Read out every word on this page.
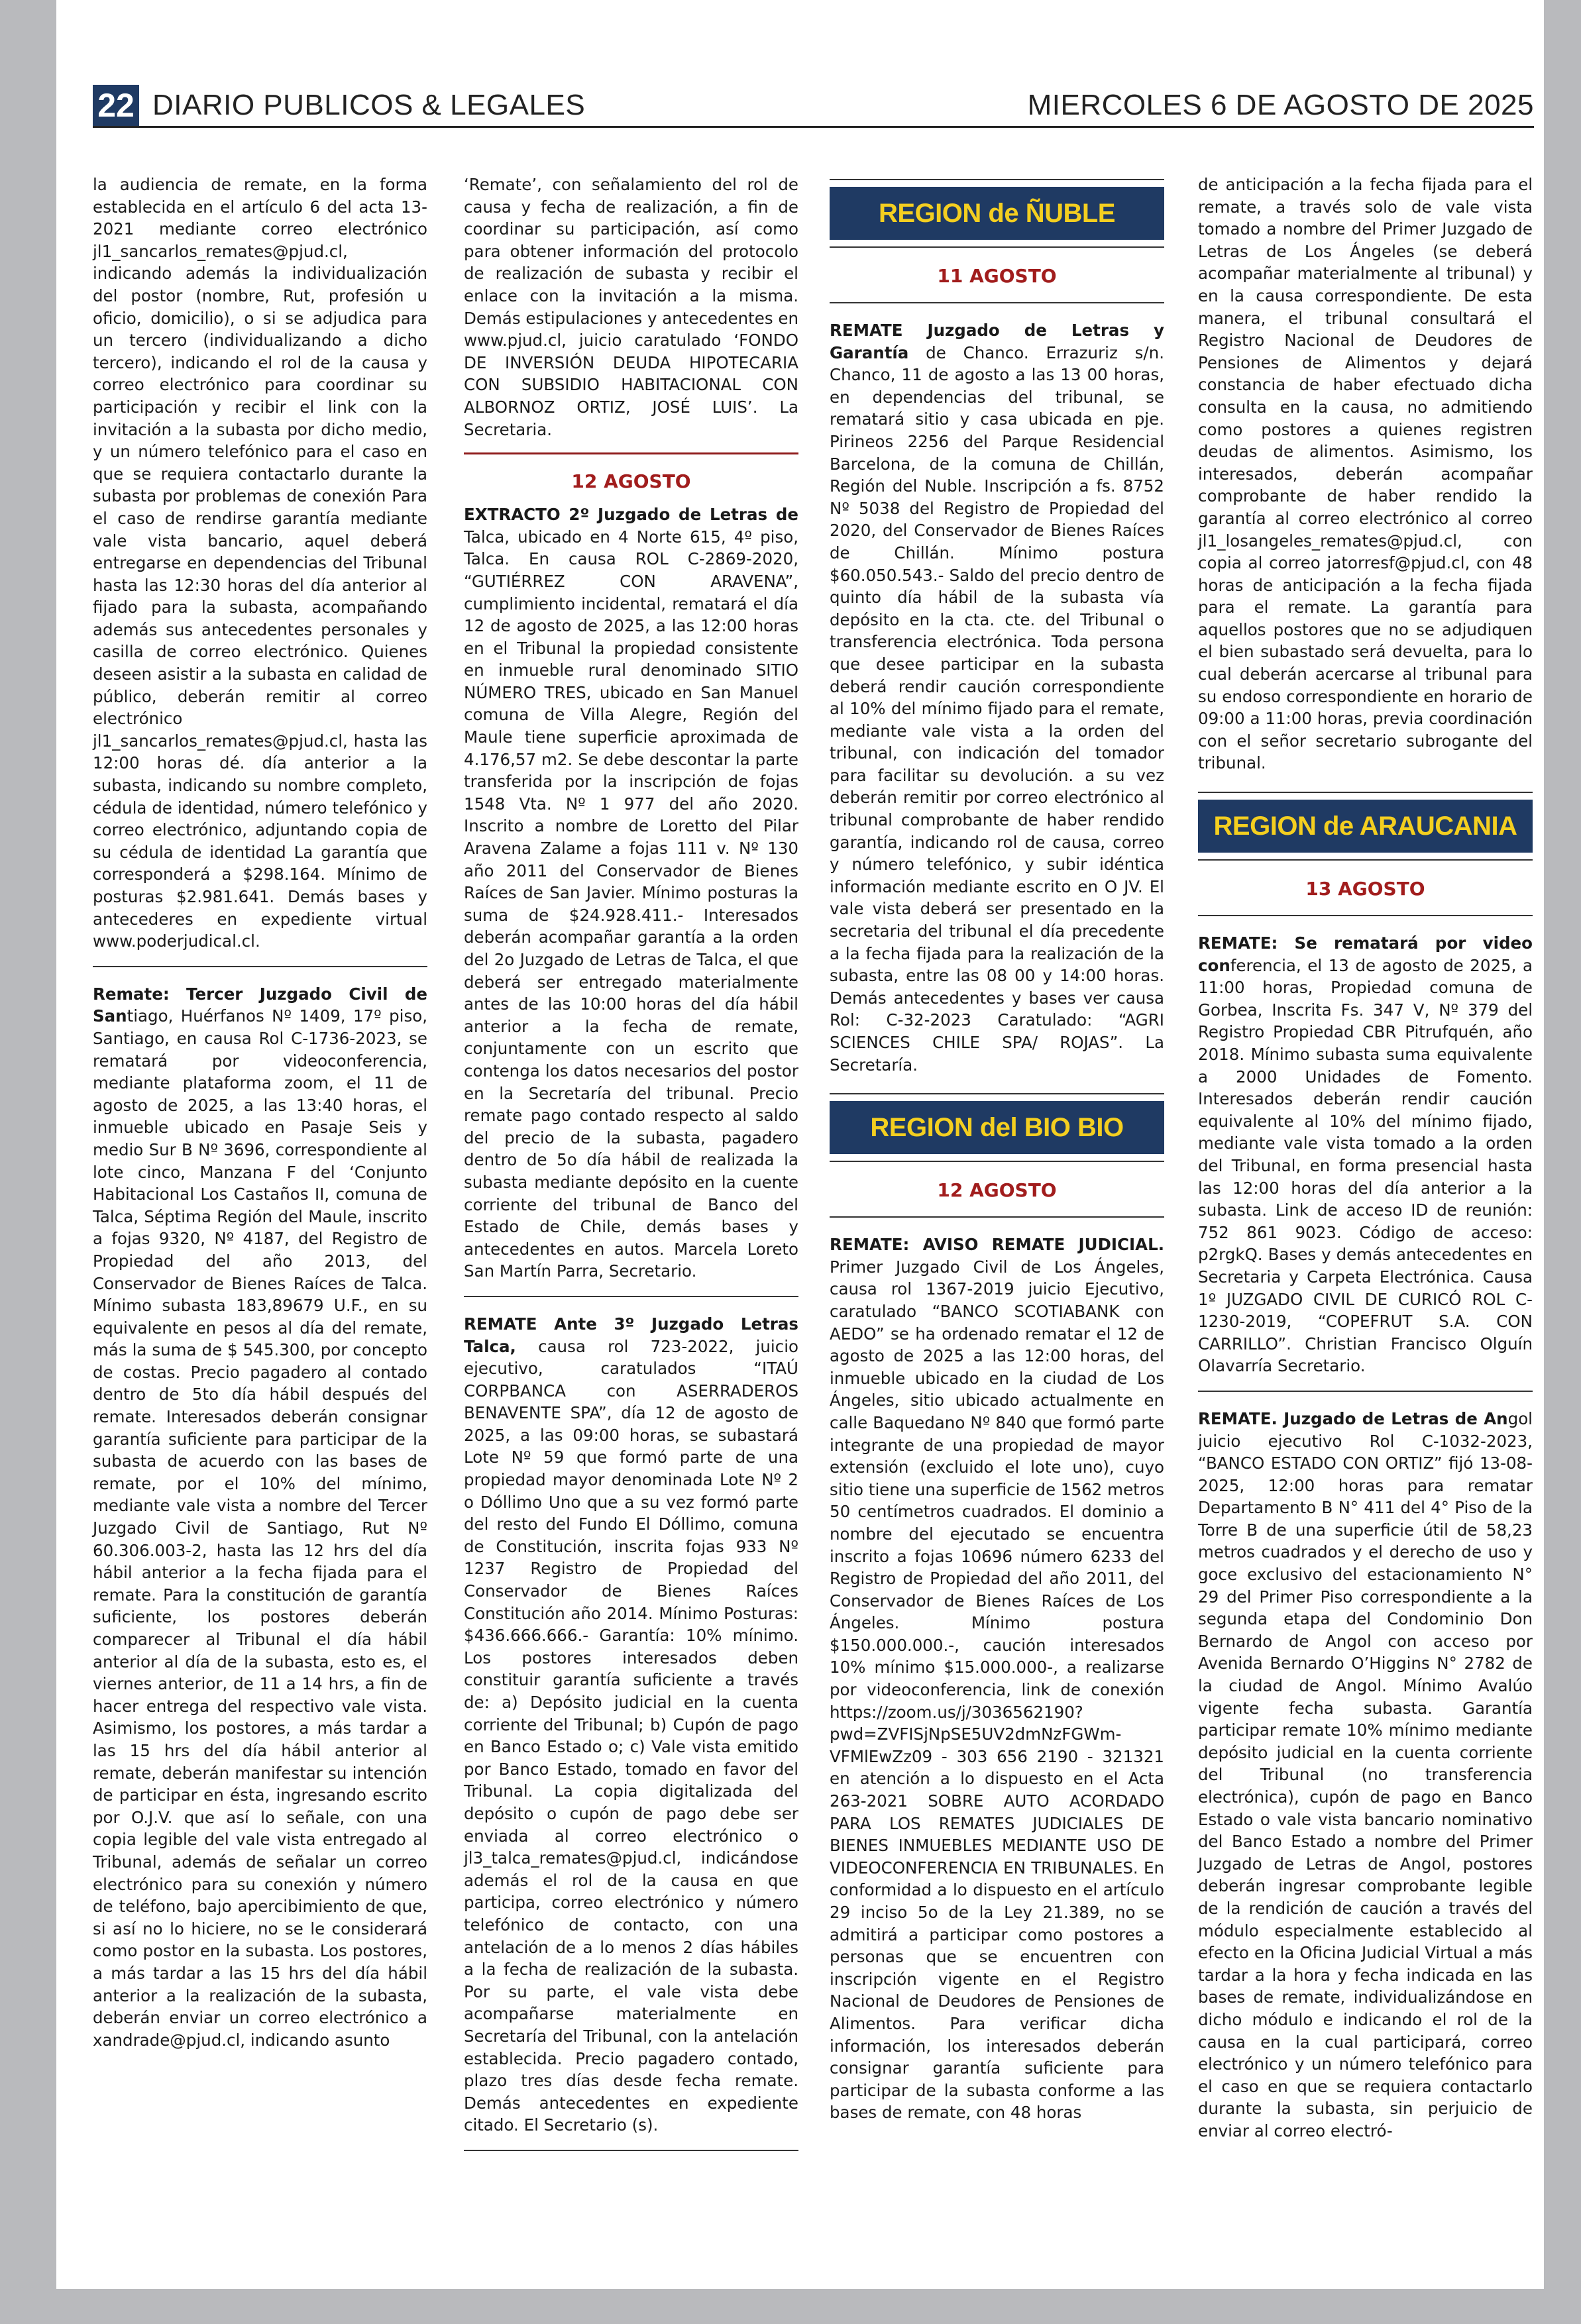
22 DIARIO PUBLICOS & LEGALES	MIERCOLES 6 DE AGOSTO DE 2025

la audiencia de remate, en la forma establecida en el artículo 6 del acta 13-2021 mediante correo electrónico jl1_sancarlos_remates@pjud.cl, indicando además la individualización del postor (nombre, Rut, profesión u oficio, domicilio), o si se adjudica para un tercero (individualizando a dicho tercero), indicando el rol de la causa y correo electrónico para coordinar su participación y recibir el link con la invitación a la subasta por dicho medio, y un número telefónico para el caso en que se requiera contactarlo durante la subasta por problemas de conexión Para el caso de rendirse garantía mediante vale vista bancario, aquel deberá entregarse en dependencias del Tribunal hasta las 12:30 horas del día anterior al fijado para la subasta, acompañando además sus antecedentes personales y casilla de correo electrónico. Quienes deseen asistir a la subasta en calidad de público, deberán remitir al correo electrónico jl1_sancarlos_remates@pjud.cl, hasta las 12:00 horas dé. día anterior a la subasta, indicando su nombre completo, cédula de identidad, número telefónico y correo electrónico, adjuntando copia de su cédula de identidad La garantía que corresponderá a $298.164. Mínimo de posturas $2.981.641. Demás bases y antecederes en expediente virtual www.poderjudical.cl.

Remate: Tercer Juzgado Civil de Santiago, Huérfanos Nº 1409, 17º piso, Santiago, en causa Rol C-1736-2023, se rematará por videoconferencia, mediante plataforma zoom, el 11 de agosto de 2025, a las 13:40 horas, el inmueble ubicado en Pasaje Seis y medio Sur B Nº 3696, correspondiente al lote cinco, Manzana F del ‘Conjunto Habitacional Los Castaños II, comuna de Talca, Séptima Región del Maule, inscrito a fojas 9320, Nº 4187, del Registro de Propiedad del año 2013, del Conservador de Bienes Raíces de Talca. Mínimo subasta 183,89679 U.F., en su equivalente en pesos al día del remate, más la suma de $ 545.300, por concepto de costas. Precio pagadero al contado dentro de 5to día hábil después del remate. Interesados deberán consignar garantía suficiente para participar de la subasta de acuerdo con las bases de remate, por el 10% del mínimo, mediante vale vista a nombre del Tercer Juzgado Civil de Santiago, Rut Nº 60.306.003-2, hasta las 12 hrs del día hábil anterior a la fecha fijada para el remate. Para la constitución de garantía suficiente, los postores deberán comparecer al Tribunal el día hábil anterior al día de la subasta, esto es, el viernes anterior, de 11 a 14 hrs, a fin de hacer entrega del respectivo vale vista. Asimismo, los postores, a más tardar a las 15 hrs del día hábil anterior al remate, deberán manifestar su intención de participar en ésta, ingresando escrito por O.J.V. que así lo señale, con una copia legible del vale vista entregado al Tribunal, además de señalar un correo electrónico para su conexión y número de teléfono, bajo apercibimiento de que, si así no lo hiciere, no se le considerará como postor en la subasta. Los postores, a más tardar a las 15 hrs del día hábil anterior a la realización de la subasta, deberán enviar un correo electrónico a xandrade@pjud.cl, indicando asunto

‘Remate’, con señalamiento del rol de causa y fecha de realización, a fin de coordinar su participación, así como para obtener información del protocolo de realización de subasta y recibir el enlace con la invitación a la misma. Demás estipulaciones y antecedentes en www.pjud.cl, juicio caratulado ‘FONDO DE INVERSIÓN DEUDA HIPOTECARIA CON SUBSIDIO HABITACIONAL CON ALBORNOZ ORTIZ, JOSÉ LUIS’. La Secretaria.

12 AGOSTO

EXTRACTO 2º Juzgado de Letras de Talca, ubicado en 4 Norte 615, 4º piso, Talca. En causa ROL C-2869-2020, “GUTIÉRREZ CON ARAVENA”, cumplimiento incidental, rematará el día 12 de agosto de 2025, a las 12:00 horas en el Tribunal la propiedad consistente en inmueble rural denominado SITIO NÚMERO TRES, ubicado en San Manuel comuna de Villa Alegre, Región del Maule tiene superficie aproximada de 4.176,57 m2. Se debe descontar la parte transferida por la inscripción de fojas 1548 Vta. Nº 1 977 del año 2020. Inscrito a nombre de Loretto del Pilar Aravena Zalame a fojas 111 v. Nº 130 año 2011 del Conservador de Bienes Raíces de San Javier. Mínimo posturas la suma de $24.928.411.- Interesados deberán acompañar garantía a la orden del 2o Juzgado de Letras de Talca, el que deberá ser entregado materialmente antes de las 10:00 horas del día hábil anterior a la fecha de remate, conjuntamente con un escrito que contenga los datos necesarios del postor en la Secretaría del tribunal. Precio remate pago contado respecto al saldo del precio de la subasta, pagadero dentro de 5o día hábil de realizada la subasta mediante depósito en la cuente corriente del tribunal de Banco del Estado de Chile, demás bases y antecedentes en autos. Marcela Loreto San Martín Parra, Secretario.

REMATE Ante 3º Juzgado Letras Talca, causa rol 723-2022, juicio ejecutivo, caratulados “ITAÚ CORPBANCA con ASERRADEROS BENAVENTE SPA”, día 12 de agosto de 2025, a las 09:00 horas, se subastará Lote Nº 59 que formó parte de una propiedad mayor denominada Lote Nº 2 o Dóllimo Uno que a su vez formó parte del resto del Fundo El Dóllimo, comuna de Constitución, inscrita fojas 933 Nº 1237 Registro de Propiedad del Conservador de Bienes Raíces Constitución año 2014. Mínimo Posturas: $436.666.666.- Garantía: 10% mínimo. Los postores interesados deben constituir garantía suficiente a través de: a) Depósito judicial en la cuenta corriente del Tribunal; b) Cupón de pago en Banco Estado o; c) Vale vista emitido por Banco Estado, tomado en favor del Tribunal. La copia digitalizada del depósito o cupón de pago debe ser enviada al correo electrónico o jl3_talca_remates@pjud.cl, indicándose además el rol de la causa en que participa, correo electrónico y número telefónico de contacto, con una antelación de a lo menos 2 días hábiles a la fecha de realización de la subasta. Por su parte, el vale vista debe acompañarse materialmente en Secretaría del Tribunal, con la antelación establecida. Precio pagadero contado, plazo tres días desde fecha remate. Demás antecedentes en expediente citado. El Secretario (s).

REGION de ÑUBLE
11 AGOSTO

REMATE Juzgado de Letras y Garantía de Chanco. Errazuriz s/n. Chanco, 11 de agosto a las 13 00 horas, en dependencias del tribunal, se rematará sitio y casa ubicada en pje. Pirineos 2256 del Parque Residencial Barcelona, de la comuna de Chillán, Región del Nuble. Inscripción a fs. 8752 Nº 5038 del Registro de Propiedad del 2020, del Conservador de Bienes Raíces de Chillán. Mínimo postura $60.050.543.- Saldo del precio dentro de quinto día hábil de la subasta vía depósito en la cta. cte. del Tribunal o transferencia electrónica. Toda persona que desee participar en la subasta deberá rendir caución correspondiente al 10% del mínimo fijado para el remate, mediante vale vista a la orden del tribunal, con indicación del tomador para facilitar su devolución. a su vez deberán remitir por correo electrónico al tribunal comprobante de haber rendido garantía, indicando rol de causa, correo y número telefónico, y subir idéntica información mediante escrito en O JV. El vale vista deberá ser presentado en la secretaria del tribunal el día precedente a la fecha fijada para la realización de la subasta, entre las 08 00 y 14:00 horas. Demás antecedentes y bases ver causa Rol: C-32-2023 Caratulado: “AGRI SCIENCES CHILE SPA/ ROJAS”. La Secretaría.

REGION del BIO BIO
12 AGOSTO

REMATE: AVISO REMATE JUDICIAL. Primer Juzgado Civil de Los Ángeles, causa rol 1367-2019 juicio Ejecutivo, caratulado “BANCO SCOTIABANK con AEDO” se ha ordenado rematar el 12 de agosto de 2025 a las 12:00 horas, del inmueble ubicado en la ciudad de Los Ángeles, sitio ubicado actualmente en calle Baquedano Nº 840 que formó parte integrante de una propiedad de mayor extensión (excluido el lote uno), cuyo sitio tiene una superficie de 1562 metros 50 centímetros cuadrados. El dominio a nombre del ejecutado se encuentra inscrito a fojas 10696 número 6233 del Registro de Propiedad del año 2011, del Conservador de Bienes Raíces de Los Ángeles. Mínimo postura $150.000.000.-, caución interesados 10% mínimo $15.000.000-, a realizarse por videoconferencia, link de conexión https://zoom.us/j/3036562190?pwd=ZVFISjNpSE5UV2dmNzFGWm-VFMlEwZz09 - 303 656 2190 - 321321 en atención a lo dispuesto en el Acta 263-2021 SOBRE AUTO ACORDADO PARA LOS REMATES JUDICIALES DE BIENES INMUEBLES MEDIANTE USO DE VIDEOCONFERENCIA EN TRIBUNALES. En conformidad a lo dispuesto en el artículo 29 inciso 5o de la Ley 21.389, no se admitirá a participar como postores a personas que se encuentren con inscripción vigente en el Registro Nacional de Deudores de Pensiones de Alimentos. Para verificar dicha información, los interesados deberán consignar garantía suficiente para participar de la subasta conforme a las bases de remate, con 48 horas

de anticipación a la fecha fijada para el remate, a través solo de vale vista tomado a nombre del Primer Juzgado de Letras de Los Ángeles (se deberá acompañar materialmente al tribunal) y en la causa correspondiente. De esta manera, el tribunal consultará el Registro Nacional de Deudores de Pensiones de Alimentos y dejará constancia de haber efectuado dicha consulta en la causa, no admitiendo como postores a quienes registren deudas de alimentos. Asimismo, los interesados, deberán acompañar comprobante de haber rendido la garantía al correo electrónico al correo jl1_losangeles_remates@pjud.cl, con copia al correo jatorresf@pjud.cl, con 48 horas de anticipación a la fecha fijada para el remate. La garantía para aquellos postores que no se adjudiquen el bien subastado será devuelta, para lo cual deberán acercarse al tribunal para su endoso correspondiente en horario de 09:00 a 11:00 horas, previa coordinación con el señor secretario subrogante del tribunal.

REGION de ARAUCANIA
13 AGOSTO

REMATE: Se rematará por video conferencia, el 13 de agosto de 2025, a 11:00 horas, Propiedad comuna de Gorbea, Inscrita Fs. 347 V, Nº 379 del Registro Propiedad CBR Pitrufquén, año 2018. Mínimo subasta suma equivalente a 2000 Unidades de Fomento. Interesados deberán rendir caución equivalente al 10% del mínimo fijado, mediante vale vista tomado a la orden del Tribunal, en forma presencial hasta las 12:00 horas del día anterior a la subasta. Link de acceso ID de reunión: 752 861 9023. Código de acceso: p2rgkQ. Bases y demás antecedentes en Secretaria y Carpeta Electrónica. Causa 1º JUZGADO CIVIL DE CURICÓ ROL C-1230-2019, “COPEFRUT S.A. CON CARRILLO”. Christian Francisco Olguín Olavarría Secretario.

REMATE. Juzgado de Letras de Angol juicio ejecutivo Rol C-1032-2023, “BANCO ESTADO CON ORTIZ” fijó 13-08-2025, 12:00 horas para rematar Departamento B N° 411 del 4° Piso de la Torre B de una superficie útil de 58,23 metros cuadrados y el derecho de uso y goce exclusivo del estacionamiento N° 29 del Primer Piso correspondiente a la segunda etapa del Condominio Don Bernardo de Angol con acceso por Avenida Bernardo O’Higgins N° 2782 de la ciudad de Angol. Mínimo Avalúo vigente fecha subasta. Garantía participar remate 10% mínimo mediante depósito judicial en la cuenta corriente del Tribunal (no transferencia electrónica), cupón de pago en Banco Estado o vale vista bancario nominativo del Banco Estado a nombre del Primer Juzgado de Letras de Angol, postores deberán ingresar comprobante legible de la rendición de caución a través del módulo especialmente establecido al efecto en la Oficina Judicial Virtual a más tardar a la hora y fecha indicada en las bases de remate, individualizándose en dicho módulo e indicando el rol de la causa en la cual participará, correo electrónico y un número telefónico para el caso en que se requiera contactarlo durante la subasta, sin perjuicio de enviar al correo electró-
